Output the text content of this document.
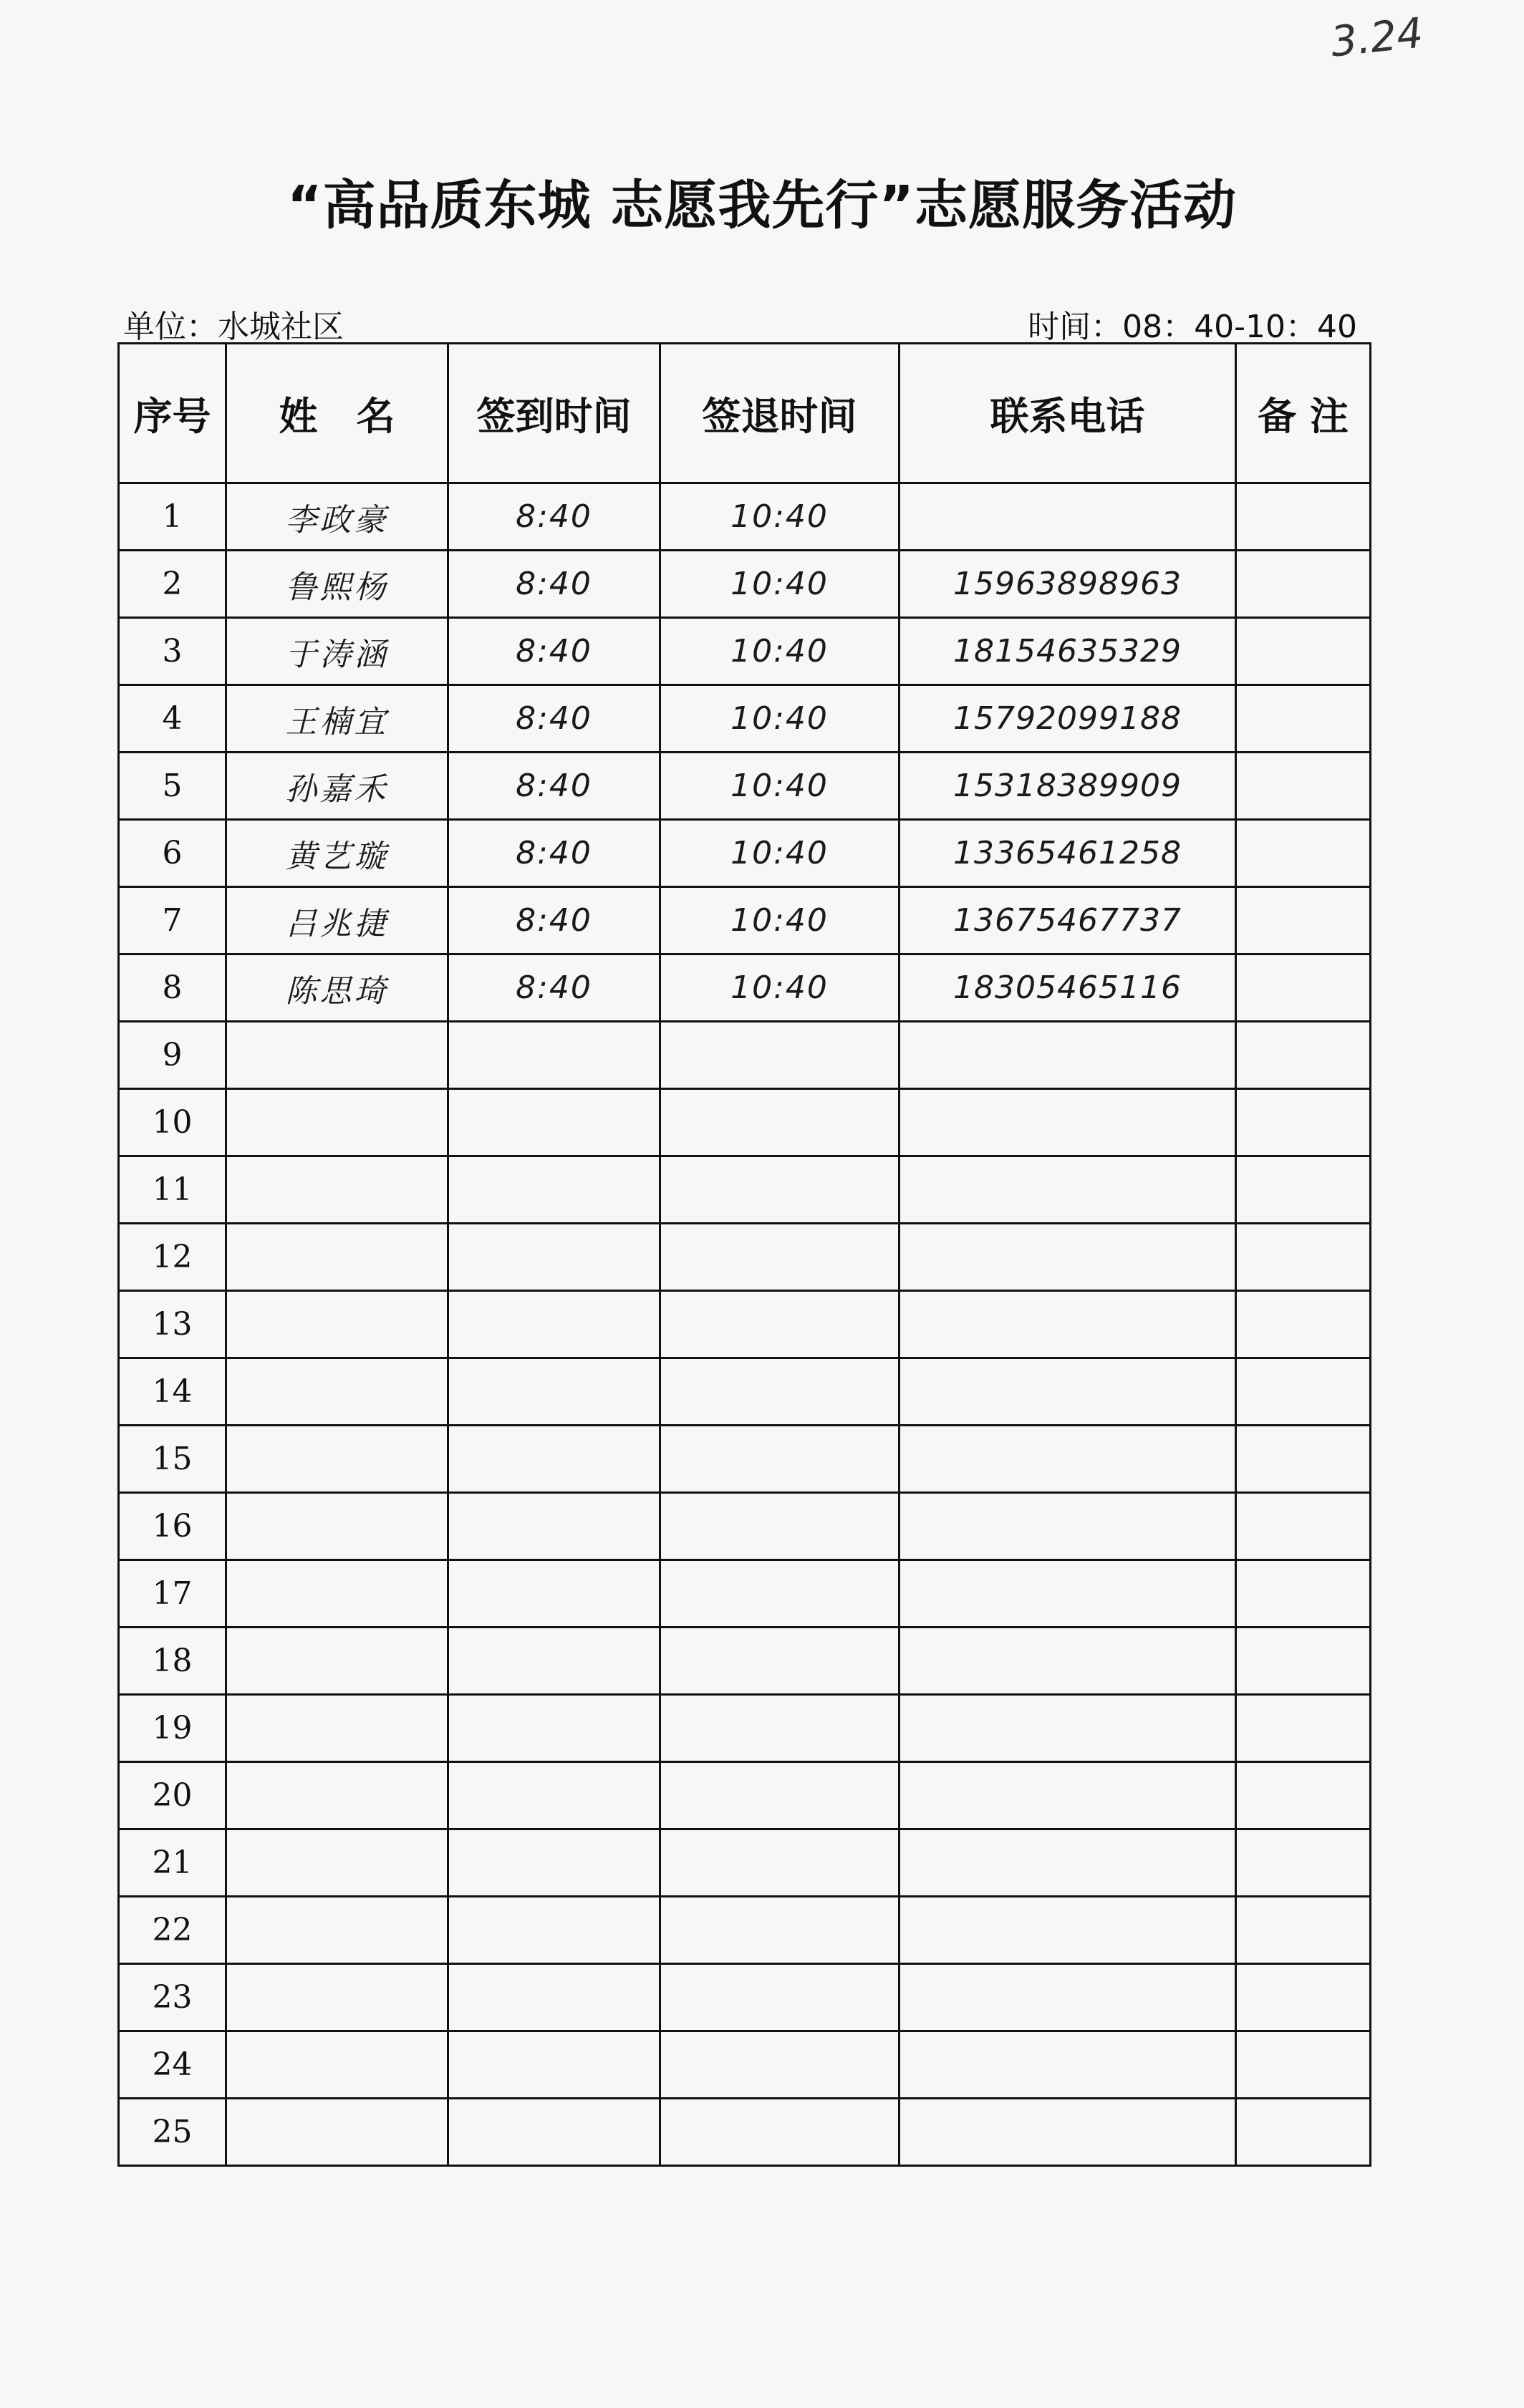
3.24
“高品质东城 志愿我先行”志愿服务活动
单位：水城社区	时间：08：40-10：40
序号	姓　名	签到时间	签退时间	联系电话	备 注
1	李政豪	8:40	10:40		
2	鲁熙杨	8:40	10:40	15963898963	
3	于涛涵	8:40	10:40	18154635329	
4	王楠宜	8:40	10:40	15792099188	
5	孙嘉禾	8:40	10:40	15318389909	
6	黄艺璇	8:40	10:40	13365461258	
7	吕兆捷	8:40	10:40	13675467737	
8	陈思琦	8:40	10:40	18305465116	
9					
10					
11					
12					
13					
14					
15					
16					
17					
18					
19					
20					
21					
22					
23					
24					
25					
